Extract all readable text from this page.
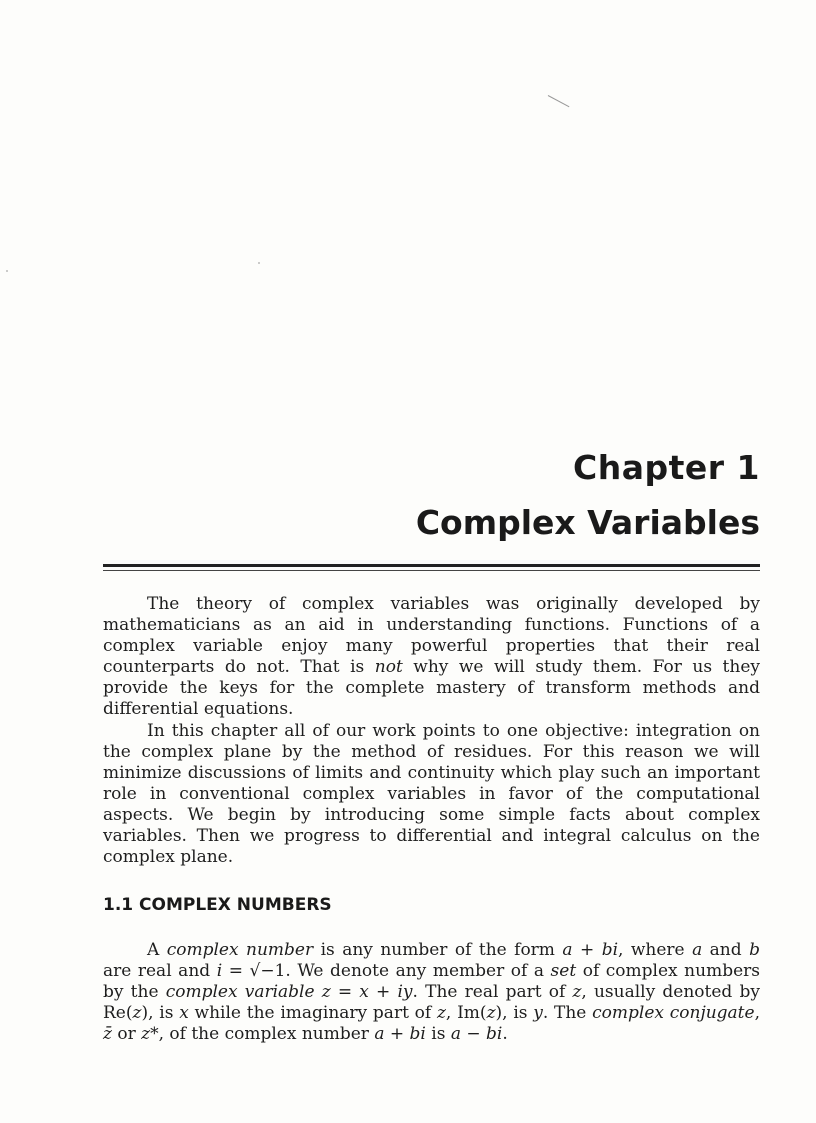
Chapter 1
Complex Variables

The theory of complex variables was originally developed by mathematicians as an aid in understanding functions. Functions of a complex variable enjoy many powerful properties that their real counterparts do not. That is not why we will study them. For us they provide the keys for the complete mastery of transform methods and differential equations.

In this chapter all of our work points to one objective: integration on the complex plane by the method of residues. For this reason we will minimize discussions of limits and continuity which play such an important role in conventional complex variables in favor of the computational aspects. We begin by introducing some simple facts about complex variables. Then we progress to differential and integral calculus on the complex plane.

1.1 COMPLEX NUMBERS

A complex number is any number of the form a + bi, where a and b are real and i = √−1. We denote any member of a set of complex numbers by the complex variable z = x + iy. The real part of z, usually denoted by Re(z), is x while the imaginary part of z, Im(z), is y. The complex conjugate, z̄ or z*, of the complex number a + bi is a − bi.
